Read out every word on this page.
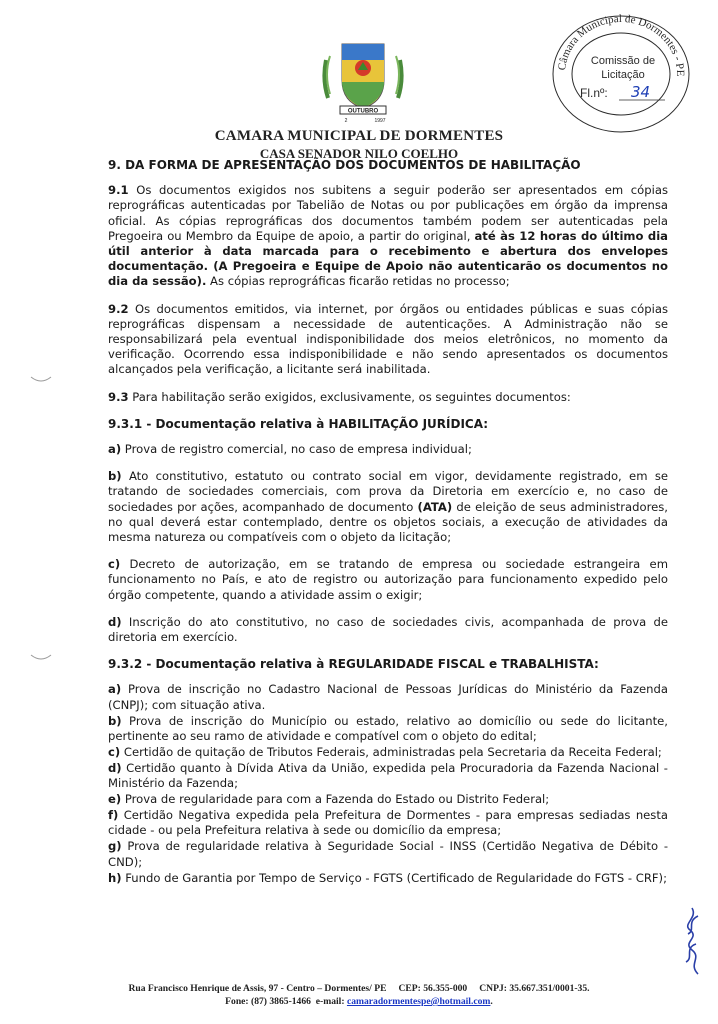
OUTUBRO
2	1997
CAMARA MUNICIPAL DE DORMENTES
CASA SENADOR NILO COELHO
Câmara Municipal de Dormentes - PE
Comissão de
Licitação
Fl.nº: 34

9. DA FORMA DE APRESENTAÇÃO DOS DOCUMENTOS DE HABILITAÇÃO

9.1 Os documentos exigidos nos subitens a seguir poderão ser apresentados em cópias reprográficas autenticadas por Tabelião de Notas ou por publicações em órgão da imprensa oficial. As cópias reprográficas dos documentos também podem ser autenticadas pela Pregoeira ou Membro da Equipe de apoio, a partir do original, até às 12 horas do último dia útil anterior à data marcada para o recebimento e abertura dos envelopes documentação. (A Pregoeira e Equipe de Apoio não autenticarão os documentos no dia da sessão). As cópias reprográficas ficarão retidas no processo;

9.2 Os documentos emitidos, via internet, por órgãos ou entidades públicas e suas cópias reprográficas dispensam a necessidade de autenticações. A Administração não se responsabilizará pela eventual indisponibilidade dos meios eletrônicos, no momento da verificação. Ocorrendo essa indisponibilidade e não sendo apresentados os documentos alcançados pela verificação, a licitante será inabilitada.

9.3 Para habilitação serão exigidos, exclusivamente, os seguintes documentos:

9.3.1 - Documentação relativa à HABILITAÇÃO JURÍDICA:

a) Prova de registro comercial, no caso de empresa individual;

b) Ato constitutivo, estatuto ou contrato social em vigor, devidamente registrado, em se tratando de sociedades comerciais, com prova da Diretoria em exercício e, no caso de sociedades por ações, acompanhado de documento (ATA) de eleição de seus administradores, no qual deverá estar contemplado, dentre os objetos sociais, a execução de atividades da mesma natureza ou compatíveis com o objeto da licitação;

c) Decreto de autorização, em se tratando de empresa ou sociedade estrangeira em funcionamento no País, e ato de registro ou autorização para funcionamento expedido pelo órgão competente, quando a atividade assim o exigir;

d) Inscrição do ato constitutivo, no caso de sociedades civis, acompanhada de prova de diretoria em exercício.

9.3.2 - Documentação relativa à REGULARIDADE FISCAL e TRABALHISTA:

a) Prova de inscrição no Cadastro Nacional de Pessoas Jurídicas do Ministério da Fazenda (CNPJ); com situação ativa.

b) Prova de inscrição do Município ou estado, relativo ao domicílio ou sede do licitante, pertinente ao seu ramo de atividade e compatível com o objeto do edital;

c) Certidão de quitação de Tributos Federais, administradas pela Secretaria da Receita Federal;

d) Certidão quanto à Dívida Ativa da União, expedida pela Procuradoria da Fazenda Nacional - Ministério da Fazenda;

e) Prova de regularidade para com a Fazenda do Estado ou Distrito Federal;

f) Certidão Negativa expedida pela Prefeitura de Dormentes - para empresas sediadas nesta cidade - ou pela Prefeitura relativa à sede ou domicílio da empresa;

g) Prova de regularidade relativa à Seguridade Social - INSS (Certidão Negativa de Débito - CND);

h) Fundo de Garantia por Tempo de Serviço - FGTS (Certificado de Regularidade do FGTS - CRF);

Rua Francisco Henrique de Assis, 97 - Centro – Dormentes/ PE CEP: 56.355-000 CNPJ: 35.667.351/0001-35.
Fone: (87) 3865-1466 e-mail: camaradormentespe@hotmail.com.
